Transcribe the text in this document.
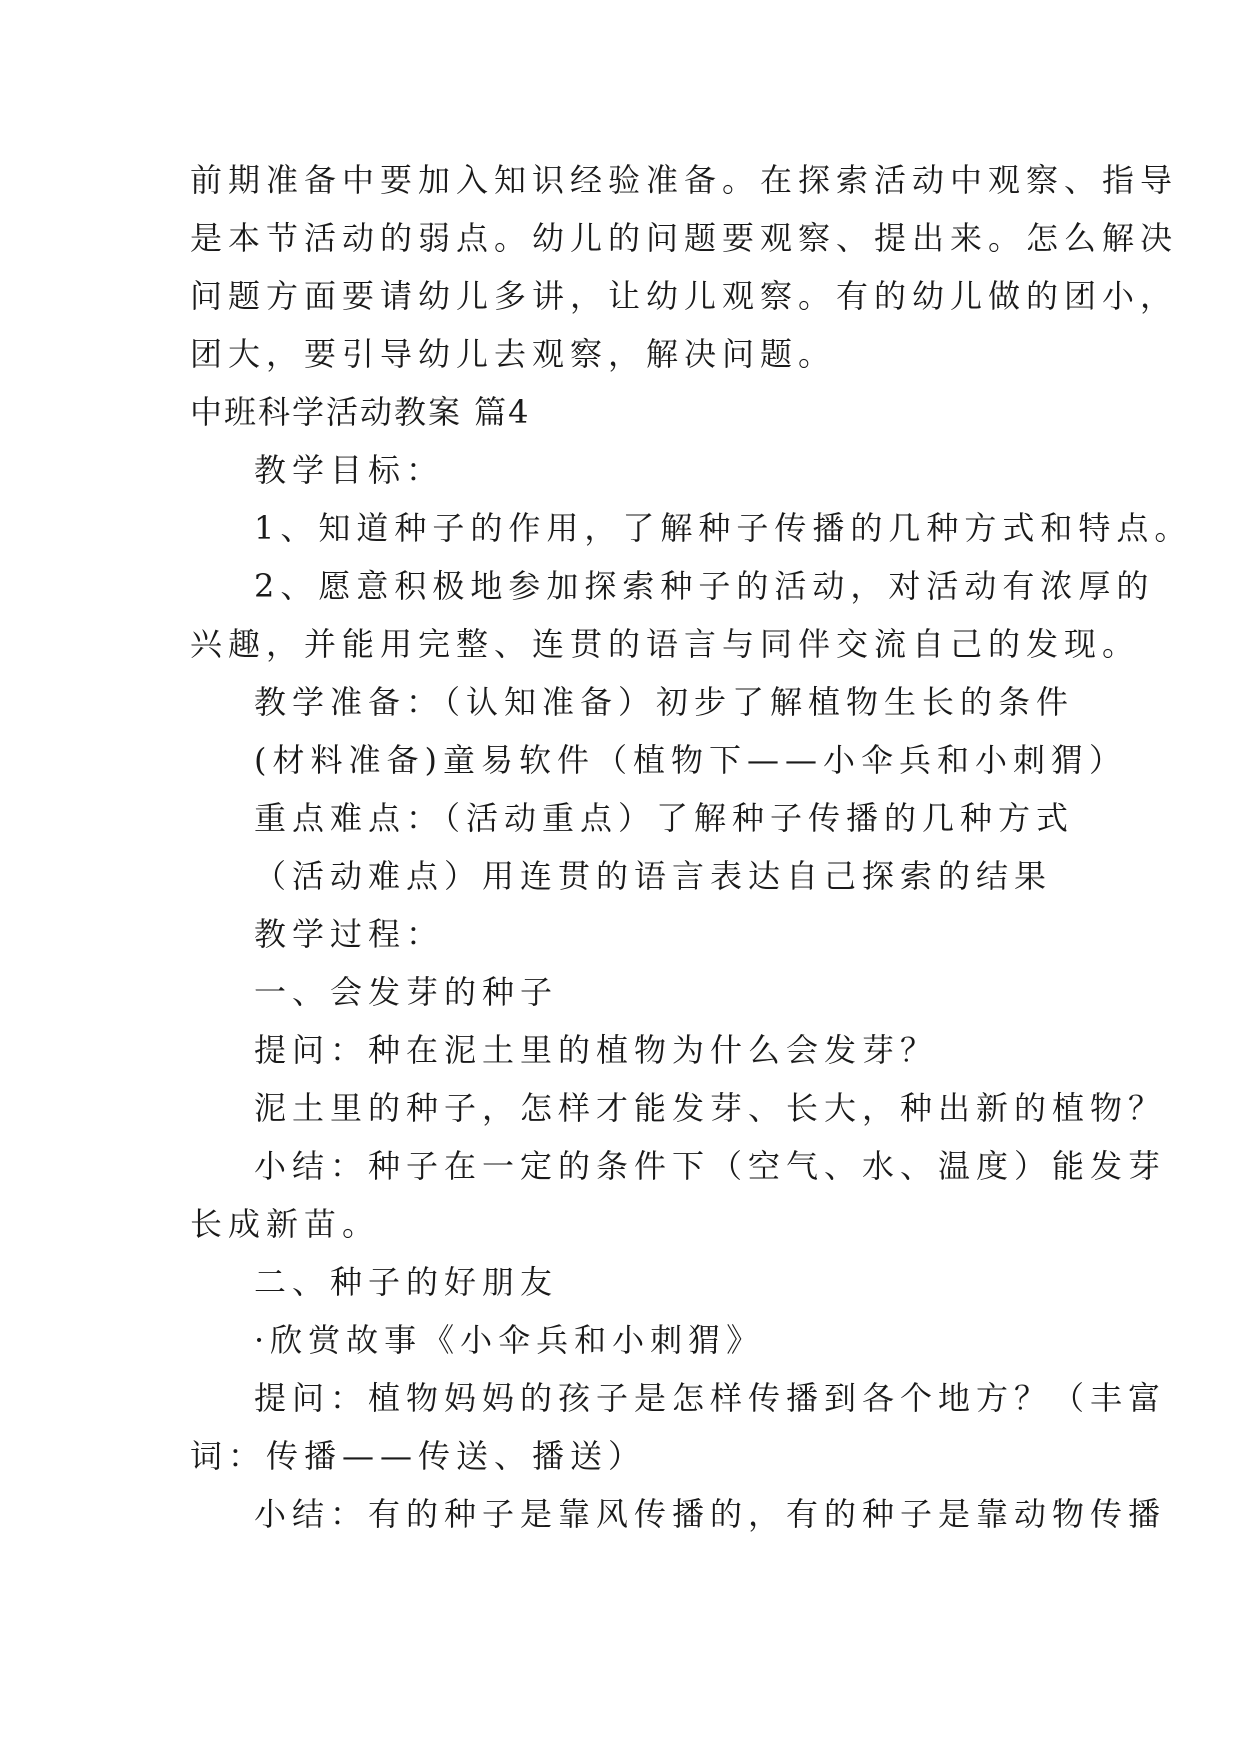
前期准备中要加入知识经验准备。在探索活动中观察、指导
是本节活动的弱点。幼儿的问题要观察、提出来。怎么解决
问题方面要请幼儿多讲，让幼儿观察。有的幼儿做的团小，
团大，要引导幼儿去观察，解决问题。
中班科学活动教案 篇4
教学目标：
1、知道种子的作用，了解种子传播的几种方式和特点。
2、愿意积极地参加探索种子的活动，对活动有浓厚的
兴趣，并能用完整、连贯的语言与同伴交流自己的发现。
教学准备：（认知准备）初步了解植物生长的条件
(材料准备)童易软件（植物下——小伞兵和小刺猬）
重点难点：（活动重点）了解种子传播的几种方式
（活动难点）用连贯的语言表达自己探索的结果
教学过程：
一、会发芽的种子
提问：种在泥土里的植物为什么会发芽？
泥土里的种子，怎样才能发芽、长大，种出新的植物？
小结：种子在一定的条件下（空气、水、温度）能发芽
长成新苗。
二、种子的好朋友
·欣赏故事《小伞兵和小刺猬》
提问：植物妈妈的孩子是怎样传播到各个地方？（丰富
词：传播——传送、播送）
小结：有的种子是靠风传播的，有的种子是靠动物传播
